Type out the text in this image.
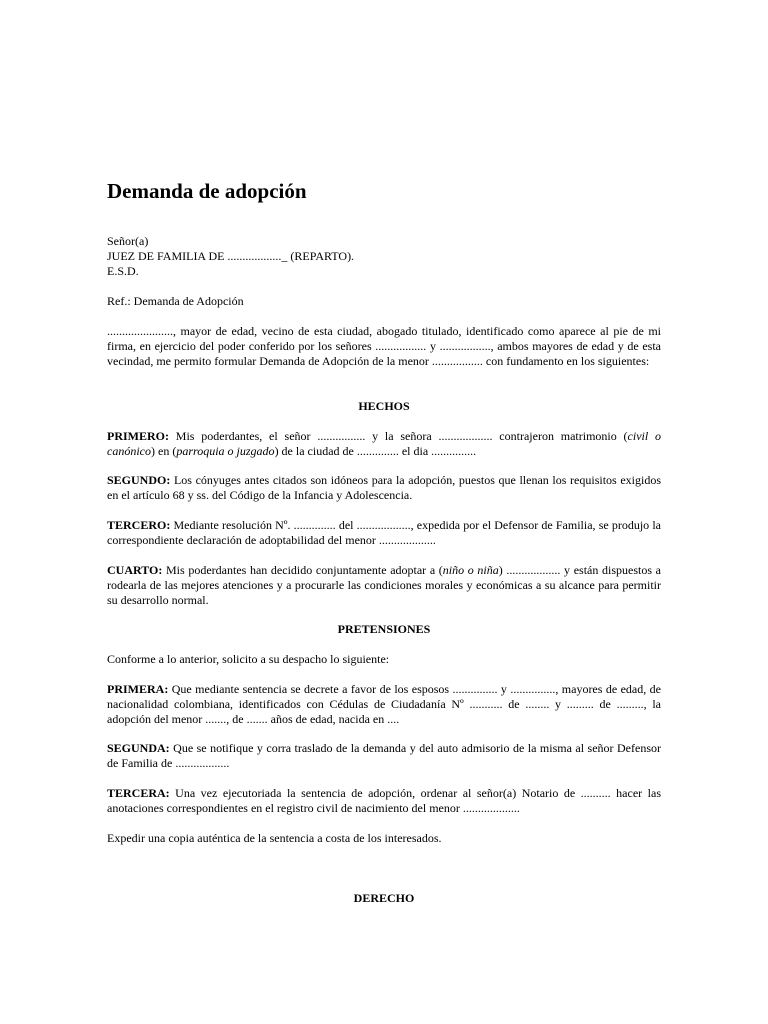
Demanda de adopción
Señor(a)
JUEZ DE FAMILIA DE .................._ (REPARTO).
E.S.D.
Ref.: Demanda de Adopción
......................, mayor de edad, vecino de esta ciudad, abogado titulado, identificado como aparece al pie de mi firma, en ejercicio del poder conferido por los señores ................. y ................., ambos mayores de edad y de esta vecindad, me permito formular Demanda de Adopción de la menor ................. con fundamento en los siguientes:
HECHOS
PRIMERO: Mis poderdantes, el señor ................ y la señora .................. contrajeron matrimonio (civil o canónico) en (parroquia o juzgado) de la ciudad de .............. el dia ...............
SEGUNDO: Los cónyuges antes citados son idóneos para la adopción, puestos que llenan los requisitos exigidos en el artículo 68 y ss. del Código de la Infancia y Adolescencia.
TERCERO: Mediante resolución Nº. .............. del .................., expedida por el Defensor de Familia, se produjo la correspondiente declaración de adoptabilidad del menor ...................
CUARTO: Mis poderdantes han decidido conjuntamente adoptar a (niño o niña) .................. y están dispuestos a rodearla de las mejores atenciones y a procurarle las condiciones morales y económicas a su alcance para permitir su desarrollo normal.
PRETENSIONES
Conforme a lo anterior, solicito a su despacho lo siguiente:
PRIMERA: Que mediante sentencia se decrete a favor de los esposos ............... y ..............., mayores de edad, de nacionalidad colombiana, identificados con Cédulas de Ciudadanía Nº ........... de ........ y ......... de ........., la adopción del menor ......., de ....... años de edad, nacida en ....
SEGUNDA: Que se notifique y corra traslado de la demanda y del auto admisorio de la misma al señor Defensor de Familia de ..................
TERCERA: Una vez ejecutoriada la sentencia de adopción, ordenar al señor(a) Notario de .......... hacer las anotaciones correspondientes en el registro civil de nacimiento del menor ...................
Expedir una copia auténtica de la sentencia a costa de los interesados.
DERECHO
